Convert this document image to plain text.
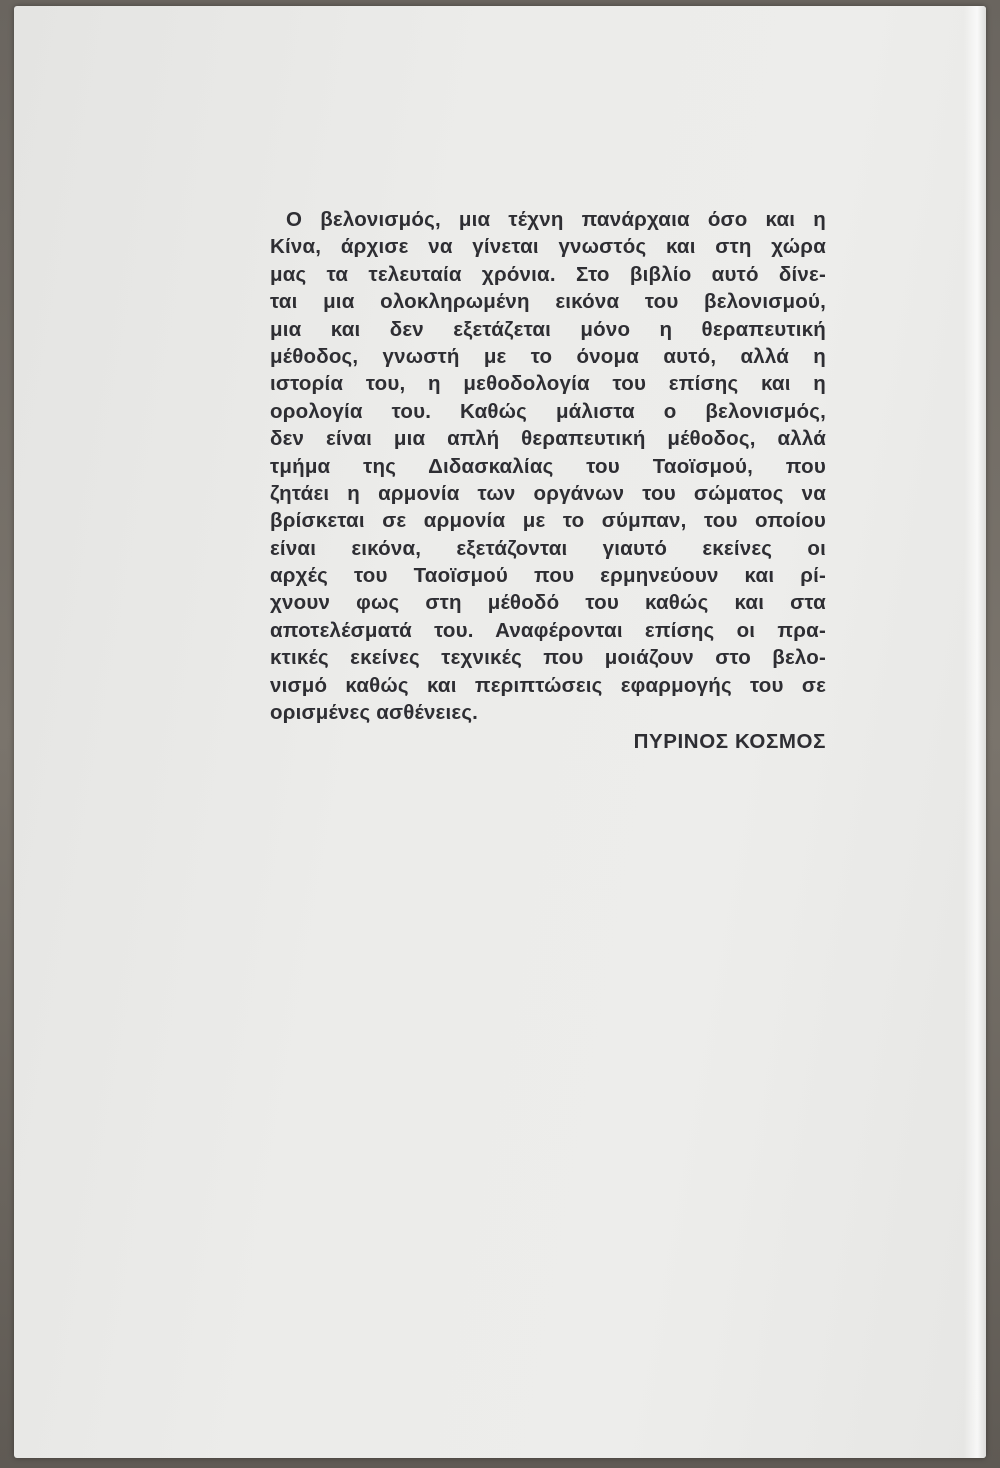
Ο βελονισμός, μια τέχνη πανάρχαια όσο και η
Κίνα, άρχισε να γίνεται γνωστός και στη χώρα
μας τα τελευταία χρόνια. Στο βιβλίο αυτό δίνε-
ται μια ολοκληρωμένη εικόνα του βελονισμού,
μια και δεν εξετάζεται μόνο η θεραπευτική
μέθοδος, γνωστή με το όνομα αυτό, αλλά η
ιστορία του, η μεθοδολογία του επίσης και η
ορολογία του. Καθώς μάλιστα ο βελονισμός,
δεν είναι μια απλή θεραπευτική μέθοδος, αλλά
τμήμα της Διδασκαλίας του Ταοϊσμού, που
ζητάει η αρμονία των οργάνων του σώματος να
βρίσκεται σε αρμονία με το σύμπαν, του οποίου
είναι εικόνα, εξετάζονται γιαυτό εκείνες οι
αρχές του Ταοϊσμού που ερμηνεύουν και ρί-
χνουν φως στη μέθοδό του καθώς και στα
αποτελέσματά του. Αναφέρονται επίσης οι πρα-
κτικές εκείνες τεχνικές που μοιάζουν στο βελο-
νισμό καθώς και περιπτώσεις εφαρμογής του σε
ορισμένες ασθένειες.
ΠΥΡΙΝΟΣ ΚΟΣΜΟΣ
